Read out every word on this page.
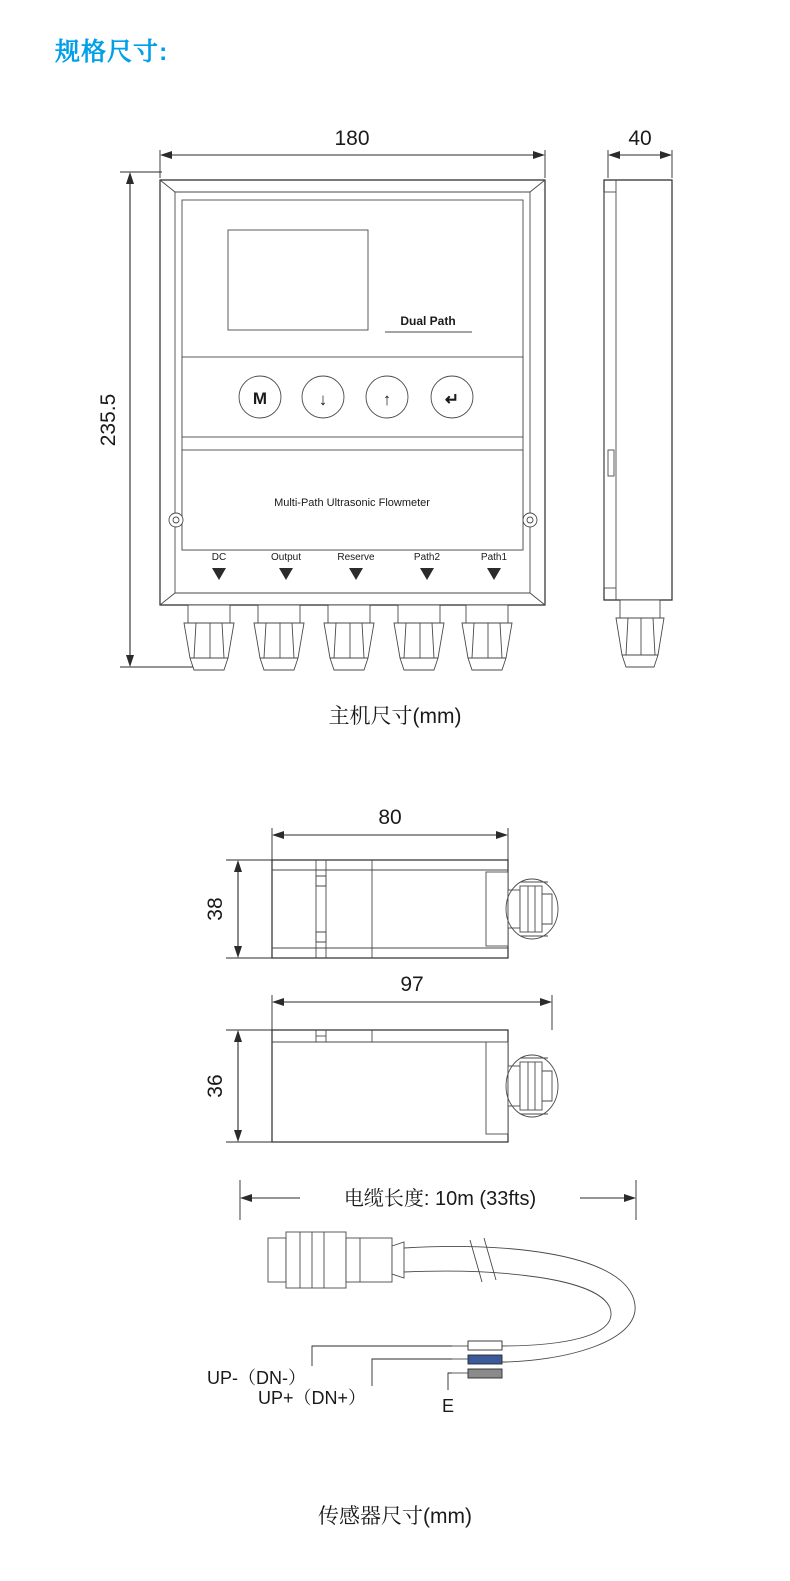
规格尺寸:
180	40
235.5
Dual Path
M	↓	↑	↵
Multi-Path Ultrasonic Flowmeter
DC	Output	Reserve	Path2	Path1
主机尺寸(mm)
80
38
97
36
电缆长度: 10m (33fts)
UP-（DN-）
UP+（DN+）	E
传感器尺寸(mm)
